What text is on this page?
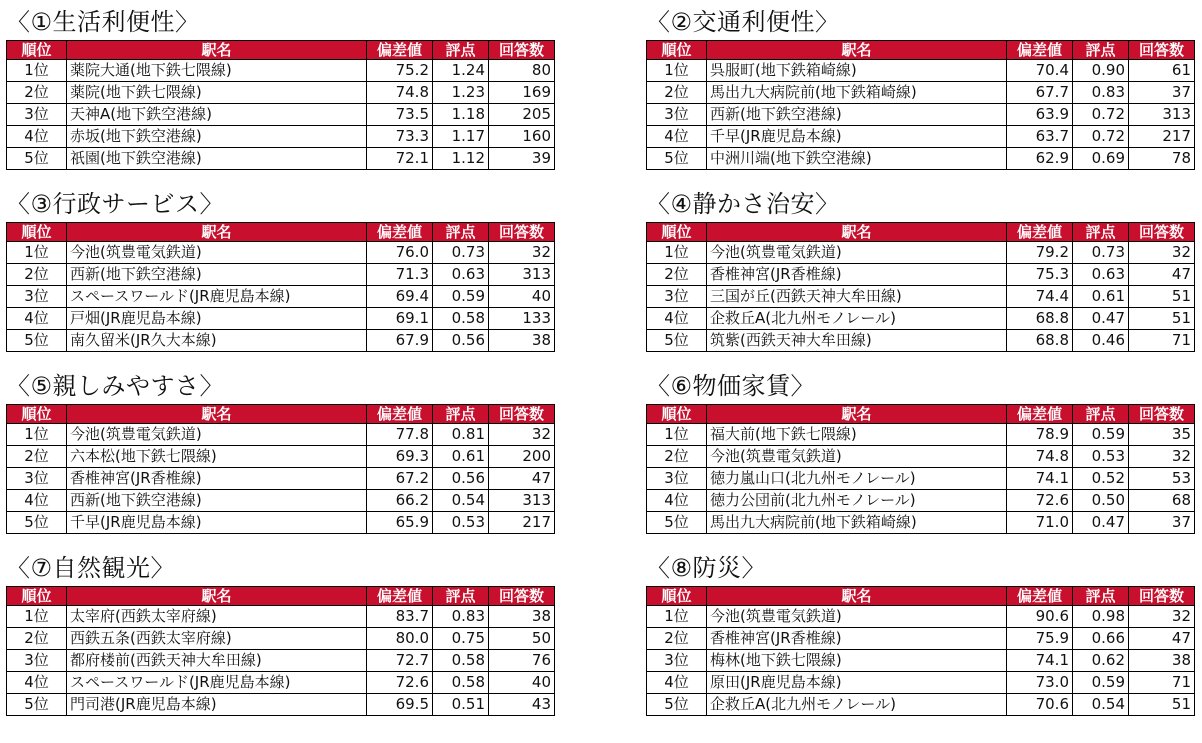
〈①生活利便性〉
順位	駅名	偏差値	評点	回答数
1位	薬院大通(地下鉄七隈線)	75.2	1.24	80
2位	薬院(地下鉄七隈線)	74.8	1.23	169
3位	天神A(地下鉄空港線)	73.5	1.18	205
4位	赤坂(地下鉄空港線)	73.3	1.17	160
5位	祇園(地下鉄空港線)	72.1	1.12	39
〈②交通利便性〉
順位	駅名	偏差値	評点	回答数
1位	呉服町(地下鉄箱崎線)	70.4	0.90	61
2位	馬出九大病院前(地下鉄箱崎線)	67.7	0.83	37
3位	西新(地下鉄空港線)	63.9	0.72	313
4位	千早(JR鹿児島本線)	63.7	0.72	217
5位	中洲川端(地下鉄空港線)	62.9	0.69	78
〈③行政サービス〉
順位	駅名	偏差値	評点	回答数
1位	今池(筑豊電気鉄道)	76.0	0.73	32
2位	西新(地下鉄空港線)	71.3	0.63	313
3位	スペースワールド(JR鹿児島本線)	69.4	0.59	40
4位	戸畑(JR鹿児島本線)	69.1	0.58	133
5位	南久留米(JR久大本線)	67.9	0.56	38
〈④静かさ治安〉
順位	駅名	偏差値	評点	回答数
1位	今池(筑豊電気鉄道)	79.2	0.73	32
2位	香椎神宮(JR香椎線)	75.3	0.63	47
3位	三国が丘(西鉄天神大牟田線)	74.4	0.61	51
4位	企救丘A(北九州モノレール)	68.8	0.47	51
5位	筑紫(西鉄天神大牟田線)	68.8	0.46	71
〈⑤親しみやすさ〉
順位	駅名	偏差値	評点	回答数
1位	今池(筑豊電気鉄道)	77.8	0.81	32
2位	六本松(地下鉄七隈線)	69.3	0.61	200
3位	香椎神宮(JR香椎線)	67.2	0.56	47
4位	西新(地下鉄空港線)	66.2	0.54	313
5位	千早(JR鹿児島本線)	65.9	0.53	217
〈⑥物価家賃〉
順位	駅名	偏差値	評点	回答数
1位	福大前(地下鉄七隈線)	78.9	0.59	35
2位	今池(筑豊電気鉄道)	74.8	0.53	32
3位	徳力嵐山口(北九州モノレール)	74.1	0.52	53
4位	徳力公団前(北九州モノレール)	72.6	0.50	68
5位	馬出九大病院前(地下鉄箱崎線)	71.0	0.47	37
〈⑦自然観光〉
順位	駅名	偏差値	評点	回答数
1位	太宰府(西鉄太宰府線)	83.7	0.83	38
2位	西鉄五条(西鉄太宰府線)	80.0	0.75	50
3位	都府楼前(西鉄天神大牟田線)	72.7	0.58	76
4位	スペースワールド(JR鹿児島本線)	72.6	0.58	40
5位	門司港(JR鹿児島本線)	69.5	0.51	43
〈⑧防災〉
順位	駅名	偏差値	評点	回答数
1位	今池(筑豊電気鉄道)	90.6	0.98	32
2位	香椎神宮(JR香椎線)	75.9	0.66	47
3位	梅林(地下鉄七隈線)	74.1	0.62	38
4位	原田(JR鹿児島本線)	73.0	0.59	71
5位	企救丘A(北九州モノレール)	70.6	0.54	51
